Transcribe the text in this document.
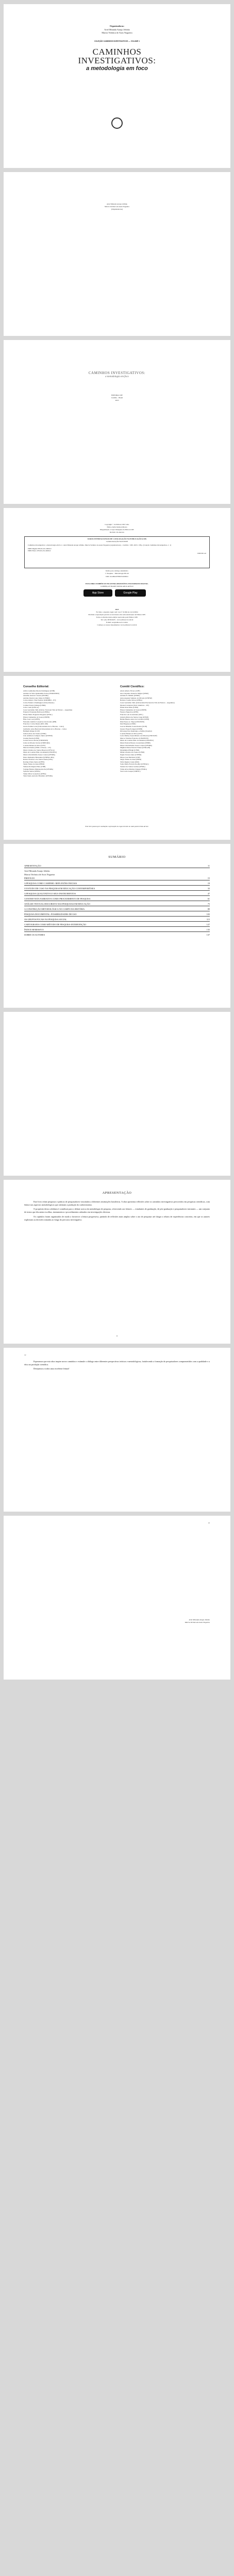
Organizadoras:
Ariel Miranda Araujo Jefinho
Marcia Verônica de Assis Nogueira
COLEÇÃO CAMINHOS INVESTIGATIVOS — VOLUME 1
CAMINHOS
INVESTIGATIVOS:
a metodologia em foco
Ariel Miranda Araujo Jefinho
Marcia Verônica de Assis Nogueira
(Organizadoras)
CAMINHOS INVESTIGATIVOS:
a metodologia em foco
EDITORA CRV
Curitiba – Brasil
2023
Copyright © da Editora CRV Ltda.
Editor-chefe: Railson Moura
Diagramação e Capa: Designers da Editora CRV
Revisão: Os Autores
DADOS INTERNACIONAIS DE CATALOGAÇÃO NA PUBLICAÇÃO (CIP)
CATALOGAÇÃO NA FONTE
Caminhos investigativos: a metodologia em foco / Ariel Miranda Araujo Jefinho, Marcia Verônica de Assis Nogueira (organizadoras) – Curitiba : CRV, 2023. 138 p. (Coleção Caminhos Investigativos, v. 1)
ISBN Digital 978-65-251-0000-0
ISBN Físico 978-65-251-0000-0
CDD 001.42
Índice para catálogo sistemático
1. Pesquisa – Metodologia 001.42
DOI 10.24824/978652510000.0
ESTA OBRA TAMBÉM SE ENCONTRA DISPONÍVEL EM FORMATO DIGITAL.
CONHEÇA E BAIXE NOSSO APLICATIVO!
App Store	Google Play
2023
Foi feito o depósito legal conf. Lei nº 10.994 de 14/12/2004
Proibida a reprodução parcial ou total desta obra sem autorização da Editora CRV
Todos os direitos desta edição reservados pela Editora CRV
Tel.: (41) 3039-6418 – www.editoracrv.com.br
E-mail: sac@editoracrv.com.br
Conheça os nossos lançamentos: www.editoracrv.com.br
Conselho Editorial:
Aldira Guimarães Duarte Domínguez (UNB)
Andréia da Silva Quintanilha Sousa (UNIR/UFRN)
Anselmo Alencar Colares (UFOPA)
Antônio Pereira Gaio Júnior (UFRRJ)
Carlos Alberto Vilar Estêvão (UMINHO – PT)
Carlos Federico Dominguez Avila (Unieuro)
Carmen Tereza Velanga (UNIR)
Celso Conti (UFSCar)
Cesar Gerónimo Tello (Univer. Nacional Três de Febrero – Argentina)
Eduardo Fernandes Barbosa (UFMG)
Elione Maria Nogueira Diogenes (UFAL)
Elizeu Clementino de Souza (UNEB)
Élsio José Corá (UFFS)
Fernando Antônio Gonçalves Alcoforado (IPB)
Francisco Carlos Duarte (PUC-PR)
Gloria Fariñas León (Universidade de La Havana – Cuba)
Guillermo Arias Beatón (Universidade de La Havana – Cuba)
Helmuth Krüger (UCP)
Jailson Alves dos Santos (UFRJ)
João Adalberto Campato Junior (UNESP)
Josania Portela (UFPI)
Leonel Severo Rocha (UNISINOS)
Lídia de Oliveira Xavier (UNIEURO)
Lourdes Helena da Silva (UFV)
Marcelo Paixão (UFRJ e UTexas – US)
Maria Cristina dos Santos Bezerra (UFSCar)
Maria de Lourdes Pinto de Almeida (UNOESC)
Maria Lília Imbiriba Sousa Colares (UFOPA)
Paulo Romualdo Hernandes (UNIFAL-MG)
Renato Francisco dos Santos Paula (UFG)
Rodrigo Pratte-Santos (UFES)
Sérgio Nunes de Jesus (IFRO)
Simone Rodrigues Pinto (UNB)
Solange Helena Ximenes-Rocha (UFOPA)
Sydione Santos (UEPG)
Tadeu Oliver Gonçalves (UFPA)
Tania Suely Azevedo Brasileiro (UFOPA)
Comitê Científico:
Altair Alberto Fávero (UPF)
Ana Chrystina Venancio Mignot (UERJ)
Andréia N. Militão (UEMS)
Anna Augusta Sampaio de Oliveira (UNESP)
Barbara Coelho Neves (UFBA)
Cesar Gerónimo Tello (Universidad Nacional de Três de Febrero – Argentina)
Diosnel Centurion (Univ Américas – PY)
Eliane Rose Maio (UEM)
Elizeu Clementino de Souza (UNEB)
Fauston Negreiros (UFPI)
Francisco Ari de Andrade (UFC)
Gláucia Maria dos Santos Jorge (UFOP)
Helder Buenos Aires de Carvalho (UFPI)
Ilma Passos A. Veiga (UNICEUB)
Inês Bragança (UERJ)
José de Ribamar Sousa Pereira (UCB)
Jussara Fraga Portugal (UNEB)
Kilwangy Kya Kapitango-a-Samba (Unemat)
Lourdes Helena da Silva (UFV)
Lucia Marisy Souza Ribeiro de Oliveira (UNIVASF)
Marcos Vinicius Francisco (UNOESTE)
Maria de Lourdes Pinto de Almeida (UNOESC)
Maria Eurácia Barreto de Andrade (UFRB)
Maria Lília Imbiriba Sousa Colares (UFOPA)
Míghian Danae Ferreira Nunes (UNILAB)
Mohammed Elhajji (UFRJ)
Mônica Pereira dos Santos (UFRJ)
Najela Tavares Ujiie (UTFPR)
Nilson José Machado (USP)
Sérgio Nunes de Jesus (IFRO)
Silvia Regina Canan (URI)
Sonia Maria Ferreira Koehler (UNISAL)
Suzana dos Santos Gomes (UFMG)
Vânia Alves Martins Chaigar (FURG)
Vera Lucia Gaspar (UDESC)
Este livro passou por avaliação e aprovação às cegas de dois ou mais pareceristas ad hoc.
SUMÁRIO
APRESENTAÇÃO	11
Ariel Miranda Araujo Jefinho
Marcia Verônica de Assis Nogueira
PREFÁCIO	15
A PESQUISA COMO CAMINHO: REFLEXÕES INICIAIS	19
O ESTUDO DE CASO NA PESQUISA EM EDUCAÇÃO CONTEMPORÂNEA	33
A PESQUISA QUALITATIVA E SEUS INSTRUMENTOS	47
A ENTREVISTA NARRATIVA COMO PROCEDIMENTO DE PESQUISA	61
ANÁLISE TEXTUAL DISCURSIVA NAS PESQUISAS EM EDUCAÇÃO	75
A CONSTRUÇÃO METODOLÓGICA NO CAMPO DA HISTÓRIA	89
PESQUISA DOCUMENTAL: POSSIBILIDADES DE USO	103
OS GRUPOS FOCAIS NA PESQUISA SOCIAL	115
CARTOGRAFIA COMO MÉTODO DE PESQUISA-INTERVENÇÃO	127
ÍNDICE REMISSIVO	135
SOBRE OS AUTORES	137
APRESENTAÇÃO
Este livro reúne pesquisas e práticas de pesquisadores vinculados a diferentes instituições brasileiras. A obra apresenta reflexões sobre os caminhos investigativos percorridos em pesquisas científicas, com ênfase nos aspectos metodológicos que orientam a produção do conhecimento.
O propósito desta coletânea é contribuir para o debate acerca da metodologia de pesquisa, oferecendo aos leitores — estudantes de graduação, de pós-graduação e pesquisadores iniciantes — um conjunto de textos que discutem escolhas, instrumentos e procedimentos adotados em investigações diversas.
Os capítulos foram organizados de modo a favorecer a leitura progressiva, partindo de reflexões mais amplas sobre o ato de pesquisar até chegar a relatos de experiências concretas, em que os autores explicitam as decisões tomadas ao longo do percurso investigativo.
11
12
Esperamos que esta obra inspire novos caminhos e estimule o diálogo entre diferentes perspectivas teóricas e metodológicas, fortalecendo a formação de pesquisadores comprometidos com a qualidade e a ética na produção científica.
Desejamos a todos uma excelente leitura!
13
Ariel Miranda Araujo Jefinho
Marcia Verônica de Assis Nogueira
